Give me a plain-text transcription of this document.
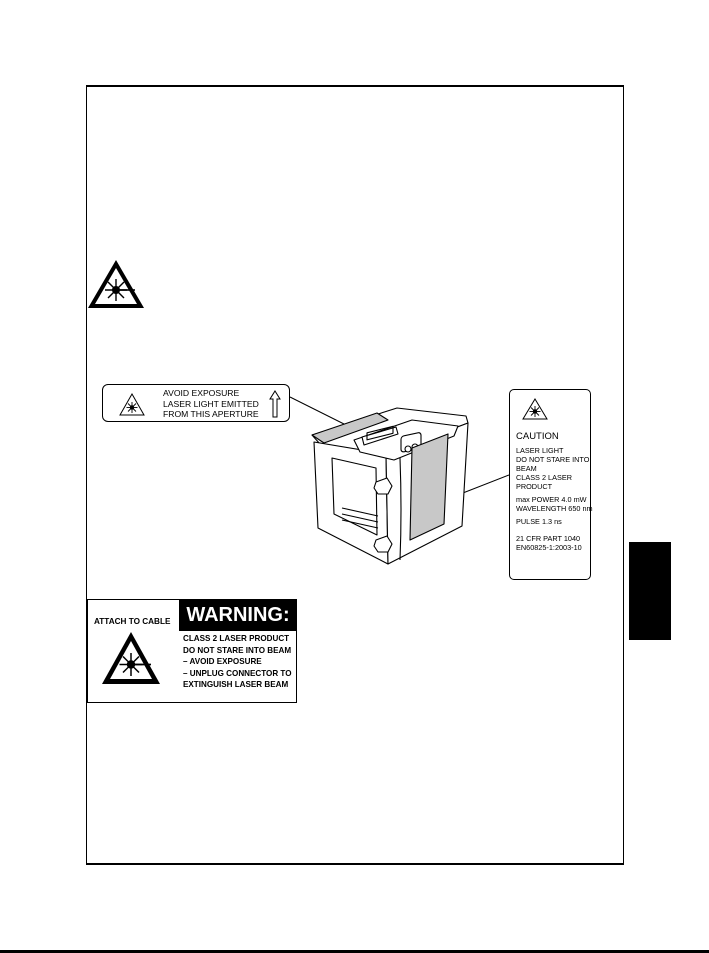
AVOID EXPOSURE
LASER LIGHT EMITTED
FROM THIS APERTURE
CAUTION
LASER LIGHT
DO NOT STARE INTO
BEAM
CLASS 2 LASER
PRODUCT
max POWER 4.0 mW
WAVELENGTH 650 nm
PULSE 1.3 ns
21 CFR PART 1040
EN60825-1:2003-10
ATTACH TO CABLE WARNING:
CLASS 2 LASER PRODUCT
DO NOT STARE INTO BEAM
– AVOID EXPOSURE
– UNPLUG CONNECTOR TO
EXTINGUISH LASER BEAM
